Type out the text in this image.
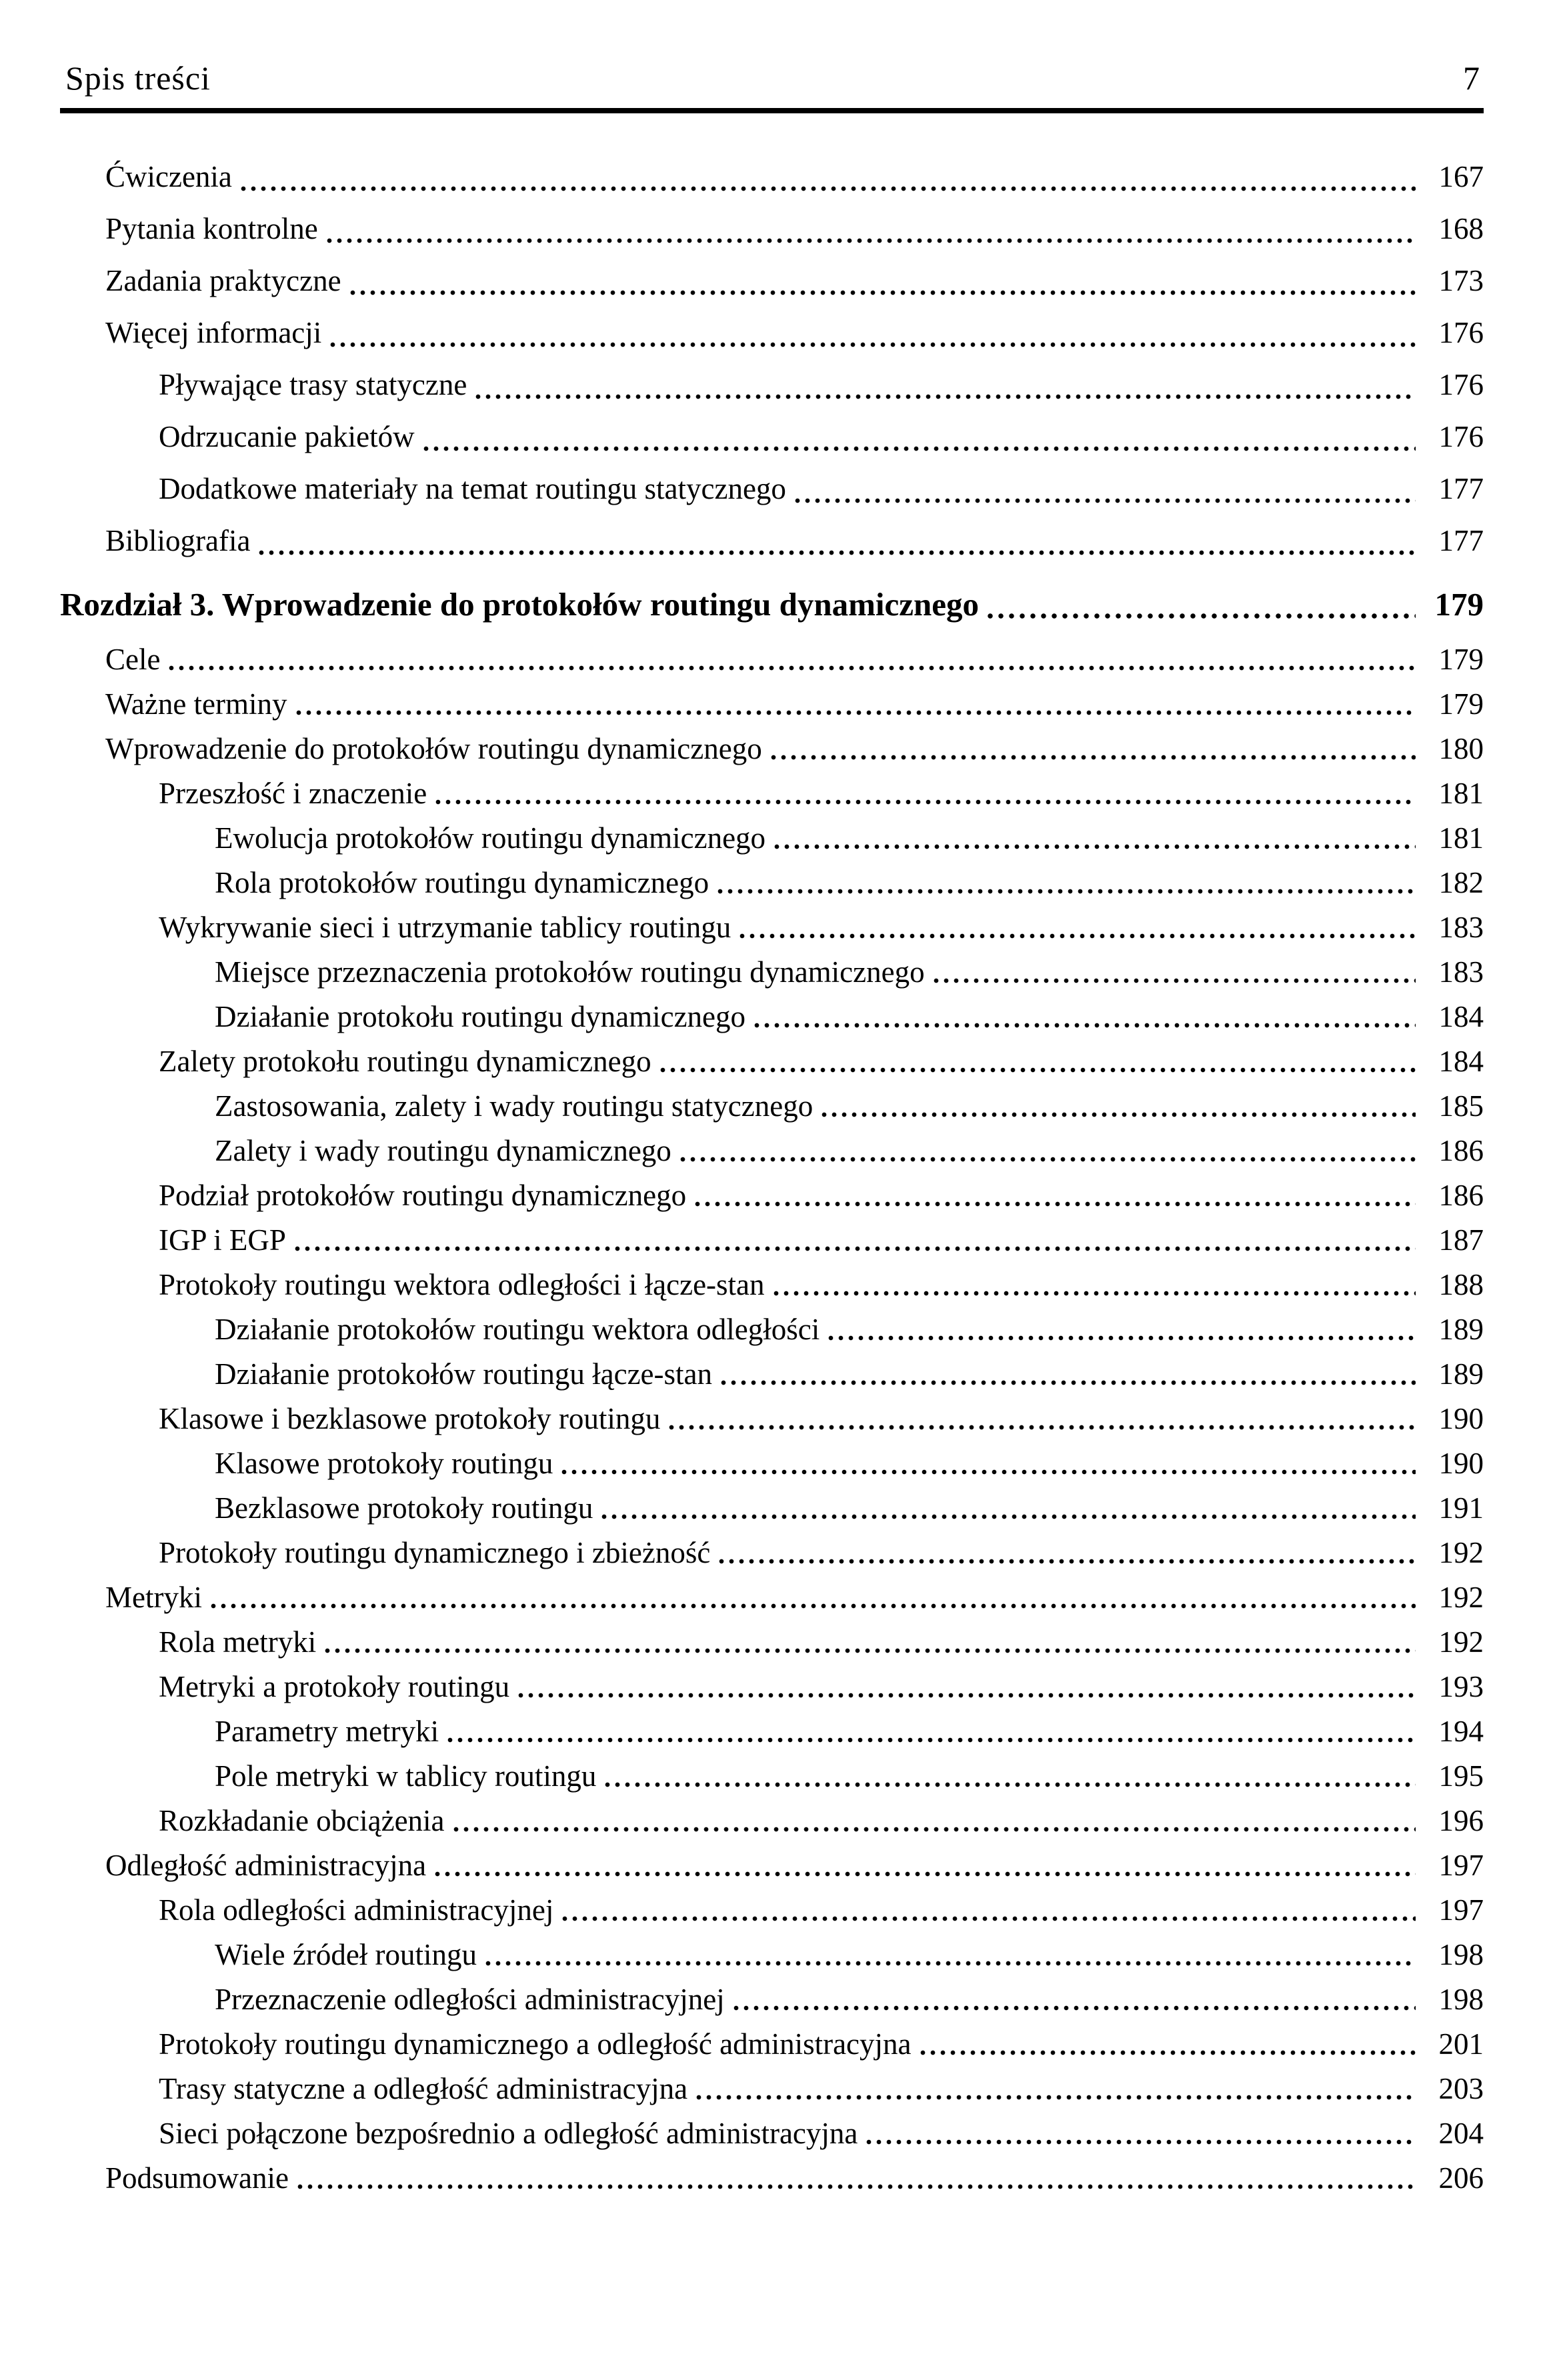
Spis treści	7
Ćwiczenia	167
Pytania kontrolne	168
Zadania praktyczne	173
Więcej informacji	176
Pływające trasy statyczne	176
Odrzucanie pakietów	176
Dodatkowe materiały na temat routingu statycznego	177
Bibliografia	177
Rozdział 3. Wprowadzenie do protokołów routingu dynamicznego	179
Cele	179
Ważne terminy	179
Wprowadzenie do protokołów routingu dynamicznego	180
Przeszłość i znaczenie	181
Ewolucja protokołów routingu dynamicznego	181
Rola protokołów routingu dynamicznego	182
Wykrywanie sieci i utrzymanie tablicy routingu	183
Miejsce przeznaczenia protokołów routingu dynamicznego	183
Działanie protokołu routingu dynamicznego	184
Zalety protokołu routingu dynamicznego	184
Zastosowania, zalety i wady routingu statycznego	185
Zalety i wady routingu dynamicznego	186
Podział protokołów routingu dynamicznego	186
IGP i EGP	187
Protokoły routingu wektora odległości i łącze-stan	188
Działanie protokołów routingu wektora odległości	189
Działanie protokołów routingu łącze-stan	189
Klasowe i bezklasowe protokoły routingu	190
Klasowe protokoły routingu	190
Bezklasowe protokoły routingu	191
Protokoły routingu dynamicznego i zbieżność	192
Metryki	192
Rola metryki	192
Metryki a protokoły routingu	193
Parametry metryki	194
Pole metryki w tablicy routingu	195
Rozkładanie obciążenia	196
Odległość administracyjna	197
Rola odległości administracyjnej	197
Wiele źródeł routingu	198
Przeznaczenie odległości administracyjnej	198
Protokoły routingu dynamicznego a odległość administracyjna	201
Trasy statyczne a odległość administracyjna	203
Sieci połączone bezpośrednio a odległość administracyjna	204
Podsumowanie	206
